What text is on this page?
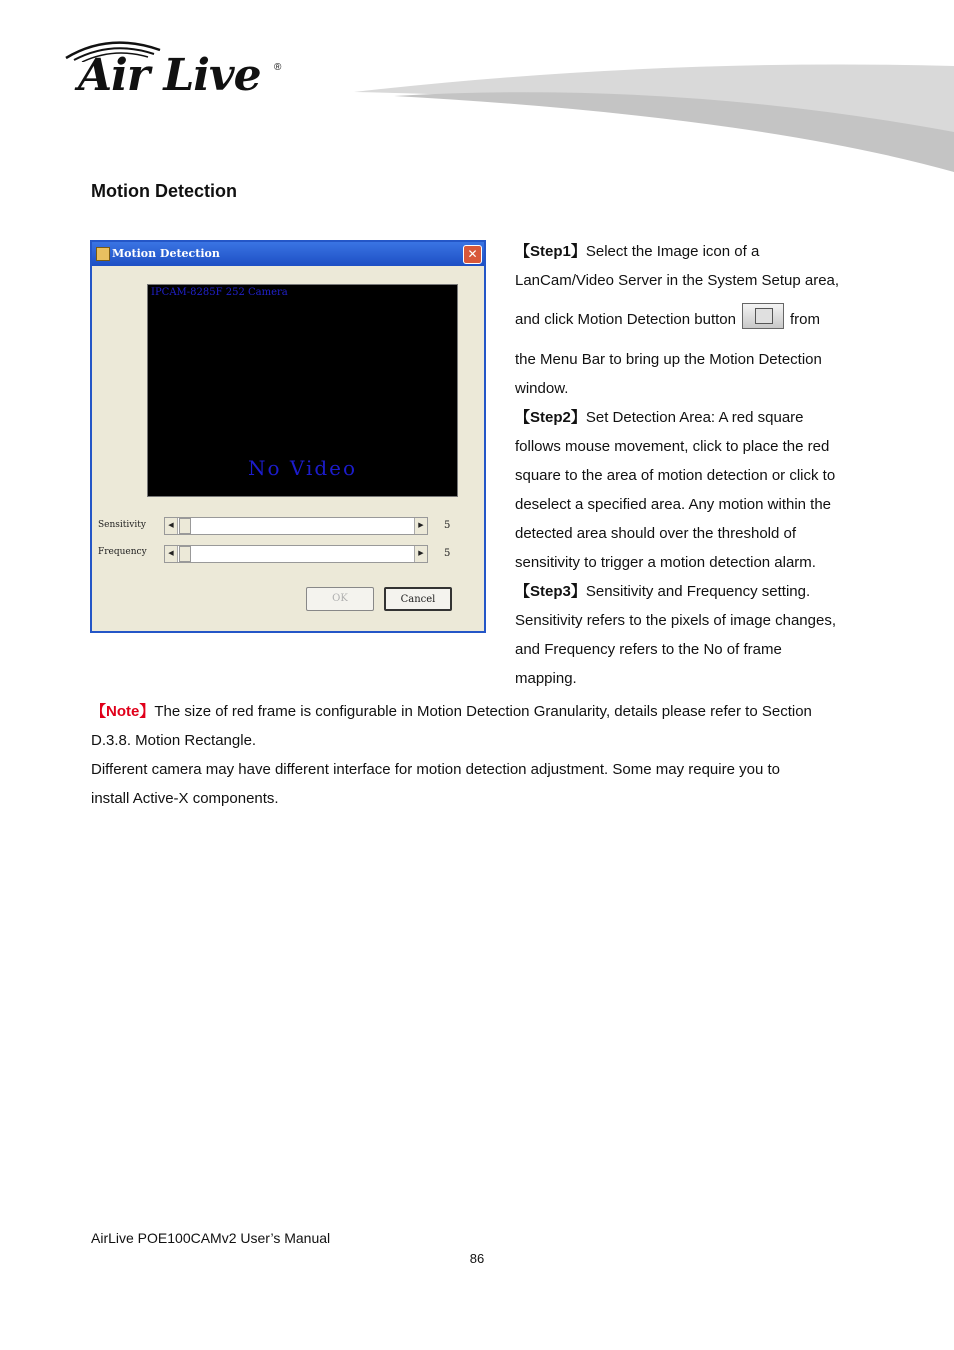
Air Live ®
Motion Detection
Motion Detection	✕
IPCAM-8285F 252 Camera
No Video
Sensitivity	◀	▶	5
Frequency	◀	▶	5
OK	Cancel

【Step1】Select the Image icon of a

LanCam/Video Server in the System Setup area,

and click Motion Detection button	from

the Menu Bar to bring up the Motion Detection

window.

【Step2】Set Detection Area: A red square

follows mouse movement, click to place the red

square to the area of motion detection or click to

deselect a specified area. Any motion within the

detected area should over the threshold of

sensitivity to trigger a motion detection alarm.

【Step3】Sensitivity and Frequency setting.

Sensitivity refers to the pixels of image changes,

and Frequency refers to the No of frame

mapping.

【Note】The size of red frame is configurable in Motion Detection Granularity, details please refer to Section

D.3.8. Motion Rectangle.

Different camera may have different interface for motion detection adjustment. Some may require you to

install Active-X components.

AirLive POE100CAMv2 User’s Manual
86
